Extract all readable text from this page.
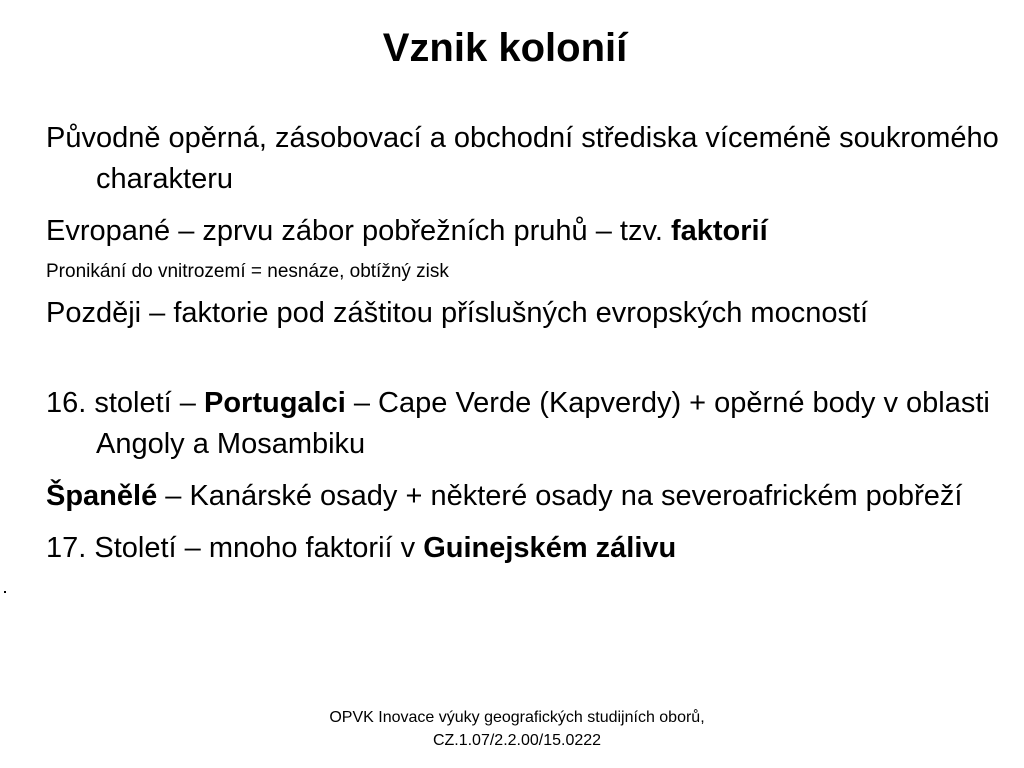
Vznik kolonií

Původně opěrná, zásobovací a obchodní střediska víceméně soukromého charakteru

Evropané – zprvu zábor pobřežních pruhů – tzv. faktorií

Pronikání do vnitrozemí = nesnáze, obtížný zisk

Později – faktorie pod záštitou příslušných evropských mocností

16. století – Portugalci – Cape Verde (Kapverdy) + opěrné body v oblasti Angoly a Mosambiku

Španělé – Kanárské osady + některé osady na severoafrickém pobřeží

17. Století – mnoho faktorií v Guinejském zálivu

OPVK Inovace výuky geografických studijních oborů,
CZ.1.07/2.2.00/15.0222
